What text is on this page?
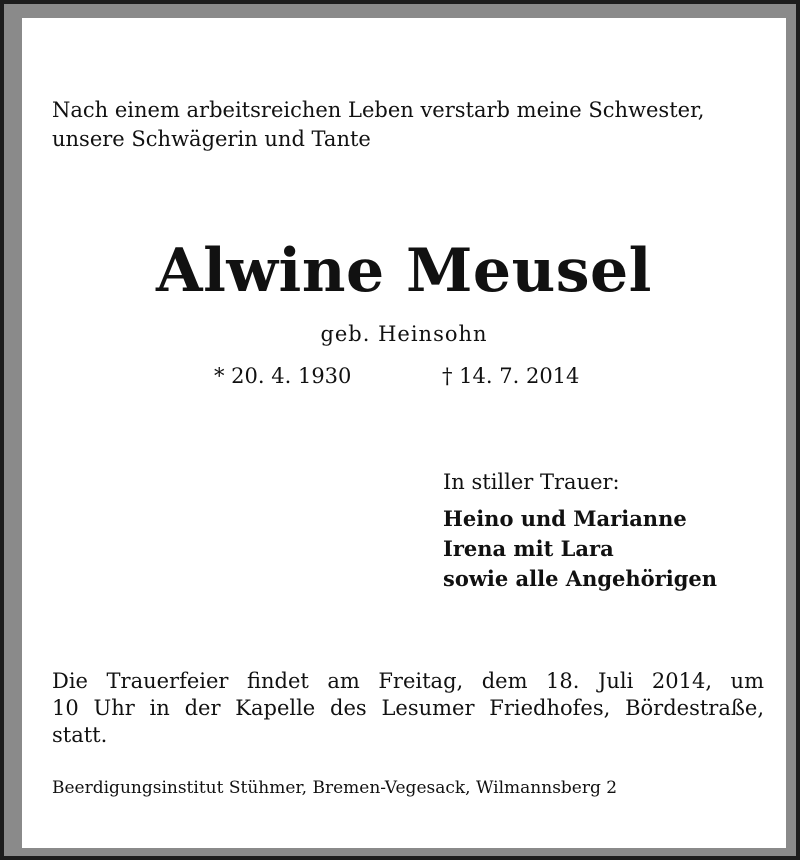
Nach einem arbeitsreichen Leben verstarb meine Schwester,
unsere Schwägerin und Tante
Alwine Meusel
geb. Heinsohn
* 20. 4. 1930	† 14. 7. 2014
In stiller Trauer:
Heino und Marianne
Irena mit Lara
sowie alle Angehörigen
Die Trauerfeier findet am Freitag, dem 18. Juli 2014, um
10 Uhr in der Kapelle des Lesumer Friedhofes, Bördestraße,
statt.
Beerdigungsinstitut Stühmer, Bremen-Vegesack, Wilmannsberg 2
